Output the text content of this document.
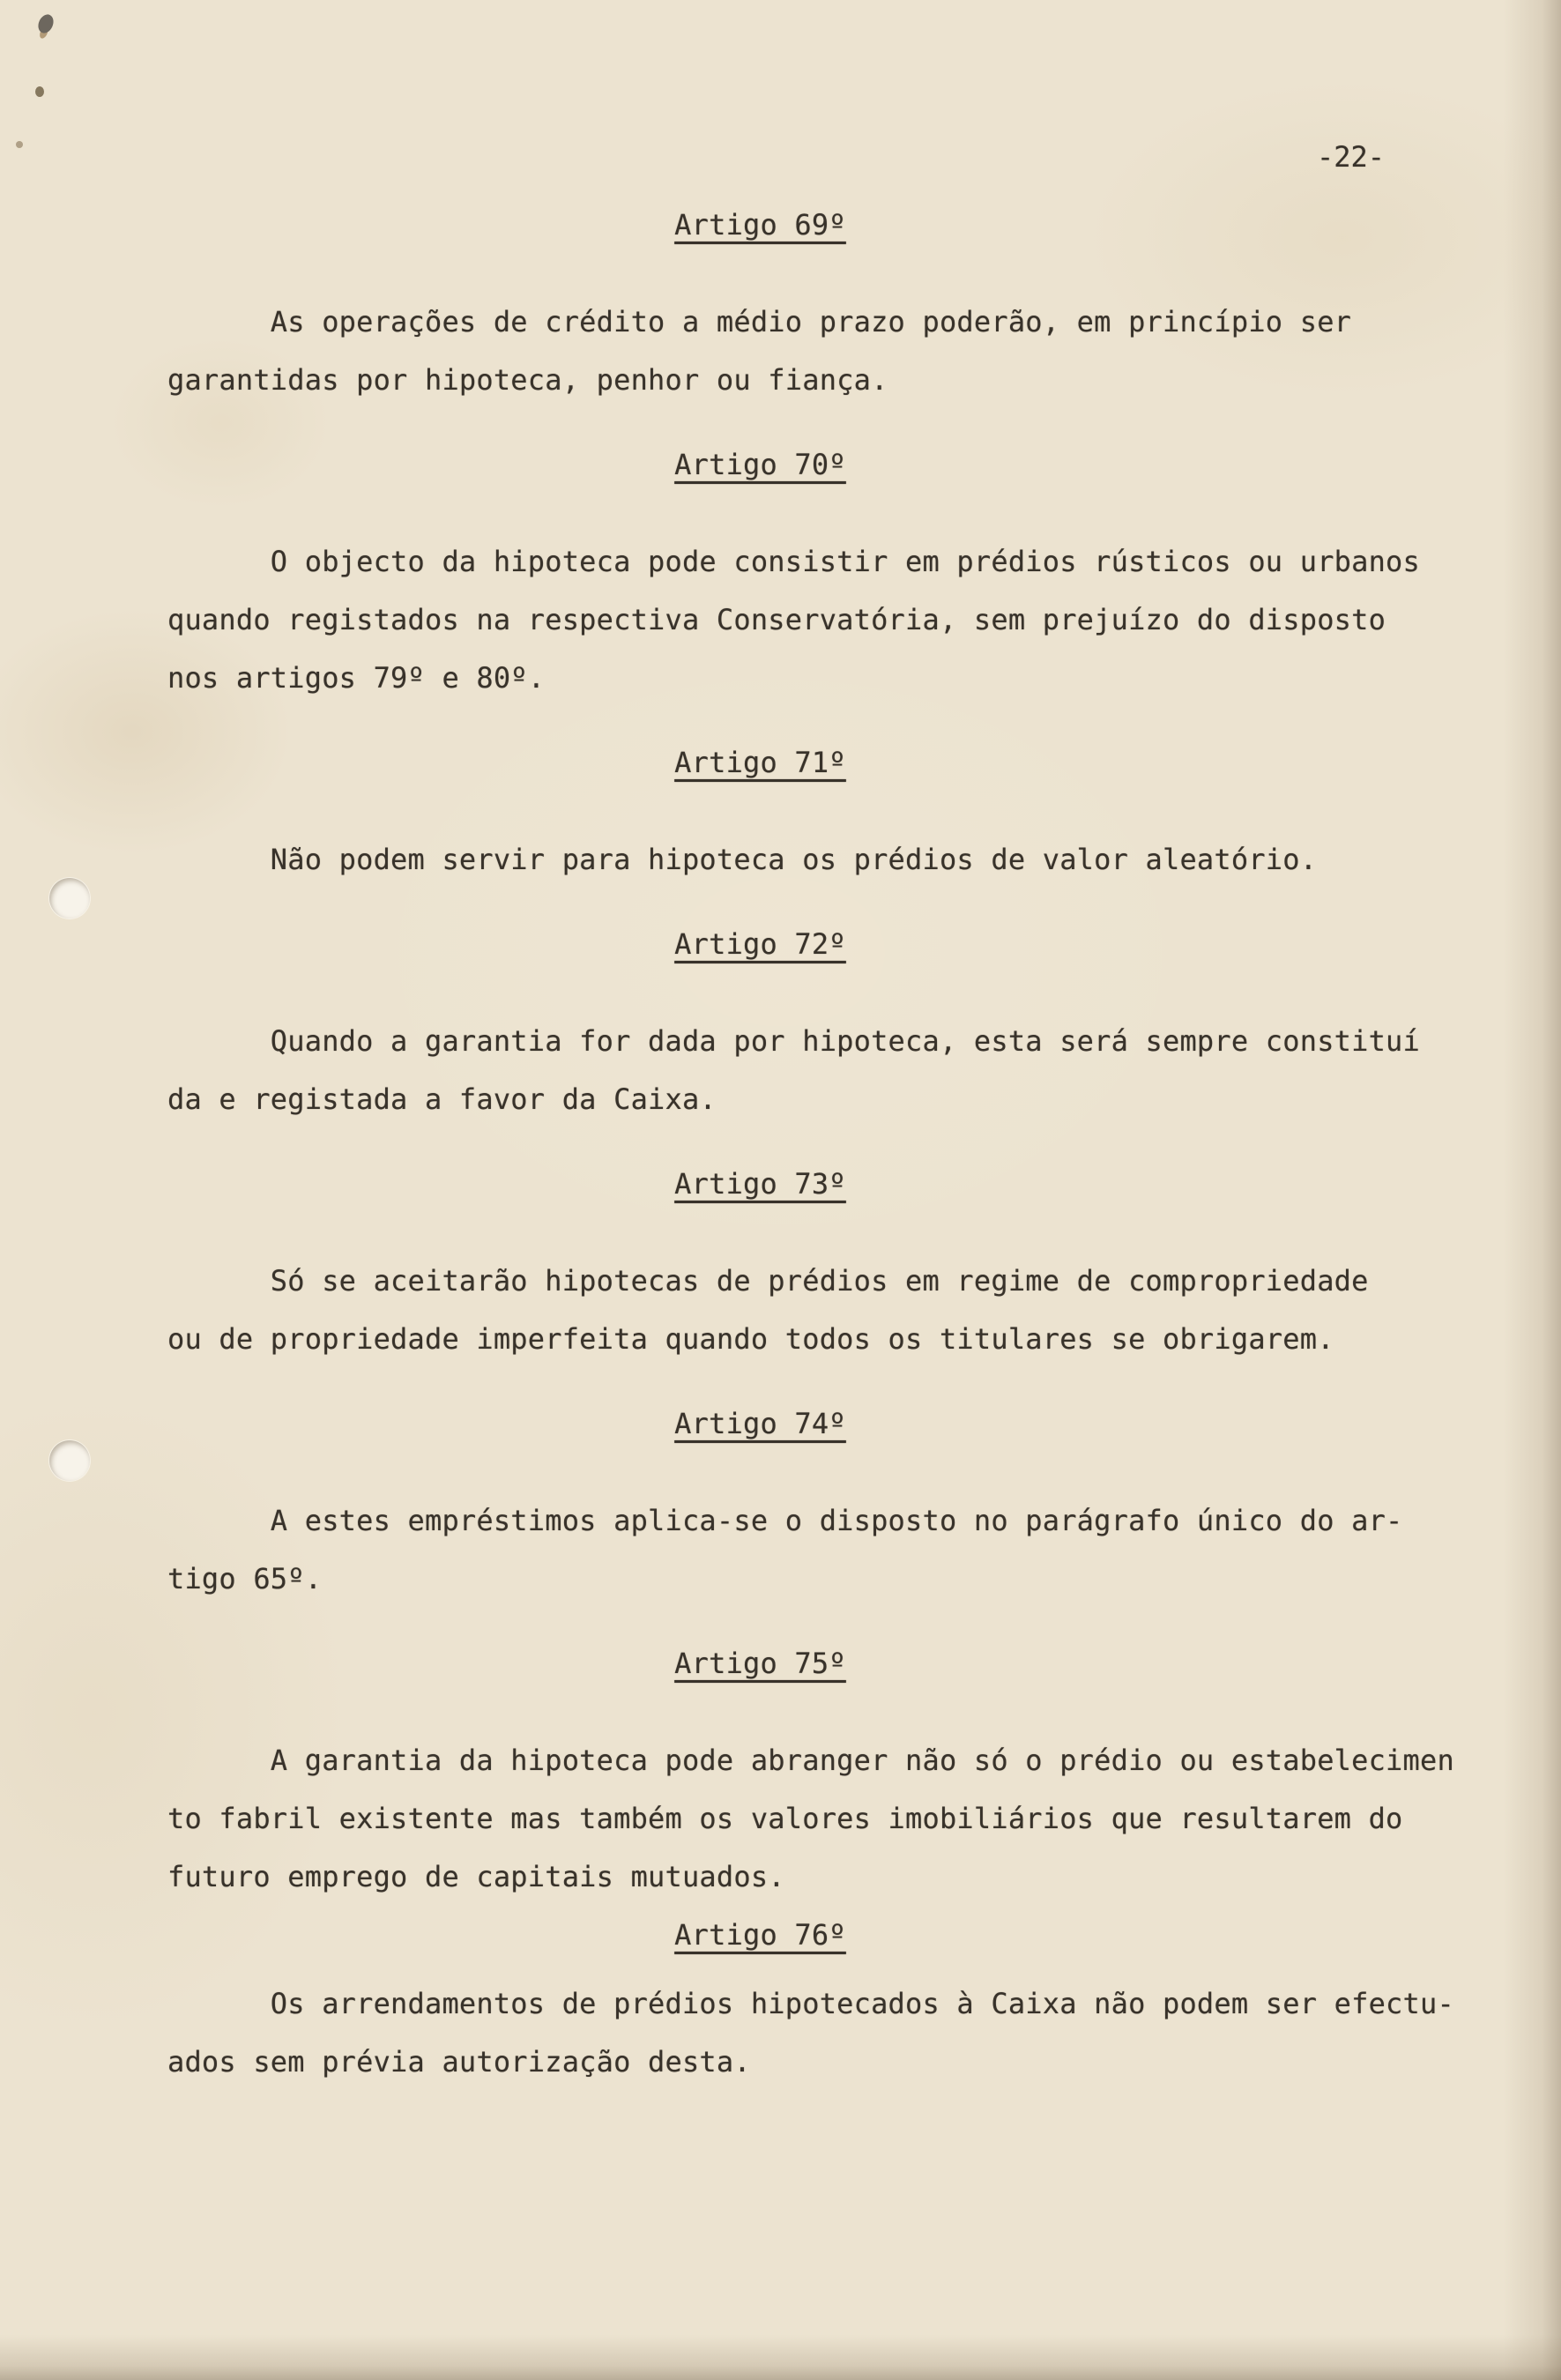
-22-
Artigo 69º
As operações de crédito a médio prazo poderão, em princípio ser
garantidas por hipoteca, penhor ou fiança.
Artigo 70º
O objecto da hipoteca pode consistir em prédios rústicos ou urbanos
quando registados na respectiva Conservatória, sem prejuízo do disposto
nos artigos 79º e 80º.
Artigo 71º
Não podem servir para hipoteca os prédios de valor aleatório.
Artigo 72º
Quando a garantia for dada por hipoteca, esta será sempre constituí
da e registada a favor da Caixa.
Artigo 73º
Só se aceitarão hipotecas de prédios em regime de compropriedade
ou de propriedade imperfeita quando todos os titulares se obrigarem.
Artigo 74º
A estes empréstimos aplica-se o disposto no parágrafo único do ar-
tigo 65º.
Artigo 75º
A garantia da hipoteca pode abranger não só o prédio ou estabelecimen
to fabril existente mas também os valores imobiliários que resultarem do
futuro emprego de capitais mutuados.
Artigo 76º
Os arrendamentos de prédios hipotecados à Caixa não podem ser efectu-
ados sem prévia autorização desta.
